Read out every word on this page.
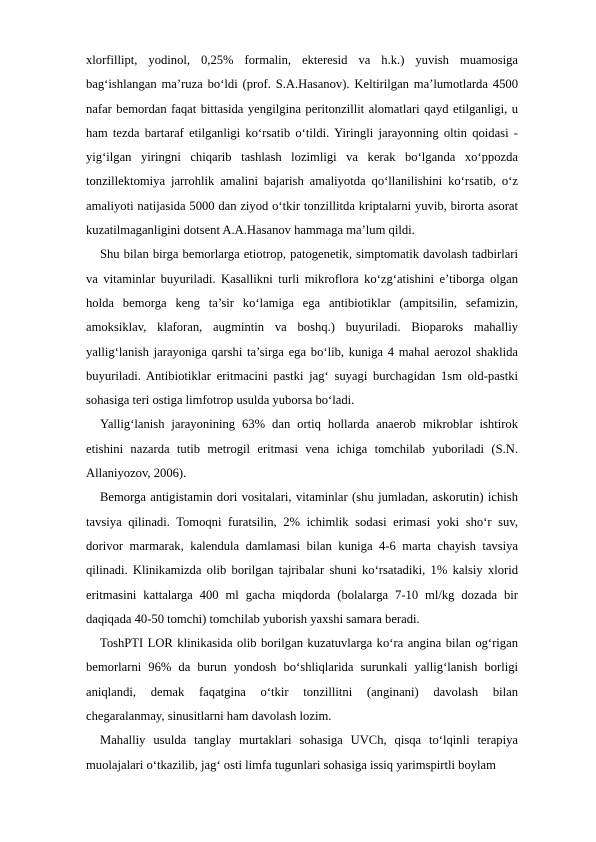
xlorfillipt, yodinol, 0,25% formalin, ekteresid va h.k.) yuvish muamosiga bag‘ishlangan ma’ruza bo‘ldi (prof. S.A.Hasanov). Keltirilgan ma’lumotlarda 4500 nafar bemordan faqat bittasida yengilgina peritonzillit alomatlari qayd etilganligi, u ham tezda bartaraf etilganligi ko‘rsatib o‘tildi. Yiringli jarayonning oltin qoidasi - yig‘ilgan yiringni chiqarib tashlash lozimligi va kerak bo‘lganda xo‘ppozda tonzillektomiya jarrohlik amalini bajarish amaliyotda qo‘llanilishini ko‘rsatib, o‘z amaliyoti natijasida 5000 dan ziyod o‘tkir tonzillitda kriptalarni yuvib, birorta asorat kuzatilmaganligini dotsent A.A.Hasanov hammaga ma’lum qildi.

Shu bilan birga bemorlarga etiotrop, patogenetik, simptomatik davolash tadbirlari va vitaminlar buyuriladi. Kasallikni turli mikroflora ko‘zg‘atishini e’tiborga olgan holda bemorga keng ta’sir ko‘lamiga ega antibiotiklar (ampitsilin, sefamizin, amoksiklav, klaforan, augmintin va boshq.) buyuriladi. Bioparoks mahalliy yallig‘lanish jarayoniga qarshi ta’sirga ega bo‘lib, kuniga 4 mahal aerozol shaklida buyuriladi. Antibiotiklar eritmacini pastki jag‘ suyagi burchagidan 1sm old-pastki sohasiga teri ostiga limfotrop usulda yuborsa bo‘ladi.

Yallig‘lanish jarayonining 63% dan ortiq hollarda anaerob mikroblar ishtirok etishini nazarda tutib metrogil eritmasi vena ichiga tomchilab yuboriladi (S.N. Allaniyozov, 2006).

Bemorga antigistamin dori vositalari, vitaminlar (shu jumladan, askorutin) ichish tavsiya qilinadi. Tomoqni furatsilin, 2% ichimlik sodasi erimasi yoki sho‘r suv, dorivor marmarak, kalendula damlamasi bilan kuniga 4-6 marta chayish tavsiya qilinadi. Klinikamizda olib borilgan tajribalar shuni ko‘rsatadiki, 1% kalsiy xlorid eritmasini kattalarga 400 ml gacha miqdorda (bolalarga 7-10 ml/kg dozada bir daqiqada 40-50 tomchi) tomchilab yuborish yaxshi samara beradi.

ToshPTI LOR klinikasida olib borilgan kuzatuvlarga ko‘ra angina bilan og‘rigan bemorlarni 96% da burun yondosh bo‘shliqlarida surunkali yallig‘lanish borligi aniqlandi, demak faqatgina o‘tkir tonzillitni (anginani) davolash bilan chegaralanmay, sinusitlarni ham davolash lozim.

Mahalliy usulda tanglay murtaklari sohasiga UVCh, qisqa to‘lqinli terapiya muolajalari o‘tkazilib, jag‘ osti limfa tugunlari sohasiga issiq yarimspirtli boylam
